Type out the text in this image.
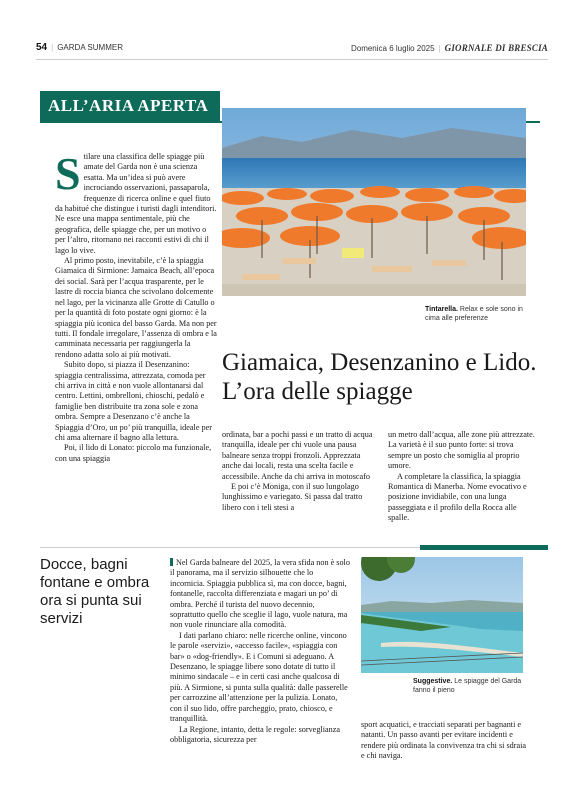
54 | GARDA SUMMER	Domenica 6 luglio 2025 | GIORNALE DI BRESCIA
ALL’ARIA APERTA
Tintarella. Relax e sole sono in cima alle preferenze
S tilare una classifica delle spiagge più amate del Garda non è una scienza esatta. Ma un’idea si può avere incrociando osservazioni, passaparola, frequenze di ricerca online e quel fiuto da habitué che distingue i turisti dagli intenditori. Ne esce una mappa sentimentale, più che geografica, delle spiagge che, per un motivo o per l’altro, ritornano nei racconti estivi di chi il lago lo vive.

Al primo posto, inevitabile, c’è la spiaggia Giamaica di Sirmione: Jamaica Beach, all’epoca dei social. Sarà per l’acqua trasparente, per le lastre di roccia bianca che scivolano dolcemente nel lago, per la vicinanza alle Grotte di Catullo o per la quantità di foto postate ogni giorno: è la spiaggia più iconica del basso Garda. Ma non per tutti. Il fondale irregolare, l’assenza di ombra e la camminata necessaria per raggiungerla la rendono adatta solo ai più motivati.

Subito dopo, si piazza il Desenzanino: spiaggia centralissima, attrezzata, comoda per chi arriva in città e non vuole allontanarsi dal centro. Lettini, ombrelloni, chioschi, pedalò e famiglie ben distribuite tra zona sole e zona ombra. Sempre a Desenzano c’è anche la Spiaggia d’Oro, un po’ più tranquilla, ideale per chi ama alternare il bagno alla lettura.

Poi, il lido di Lonato: piccolo ma funzionale, con una spiaggia

Giamaica, Desenzanino e Lido. L’ora delle spiagge

ordinata, bar a pochi passi e un tratto di acqua tranquilla, ideale per chi vuole una pausa balneare senza troppi fronzoli. Apprezzata anche dai locali, resta una scelta facile e accessibile. Anche da chi arriva in motoscafo

E poi c’è Moniga, con il suo lungolago lunghissimo e variegato. Si passa dal tratto libero con i teli stesi a

un metro dall’acqua, alle zone più attrezzate. La varietà è il suo punto forte: si trova sempre un posto che somiglia al proprio umore.

A completare la classifica, la spiaggia Romantica di Manerba. Nome evocativo e posizione invidiabile, con una lunga passeggiata e il profilo della Rocca alle spalle.

Docce, bagni fontane e ombra ora si punta sui servizi

Nel Garda balneare del 2025, la vera sfida non è solo il panorama, ma il servizio silhouette che lo incornicia. Spiaggia pubblica sì, ma con docce, bagni, fontanelle, raccolta differenziata e magari un po’ di ombra. Perché il turista del nuovo decennio, soprattutto quello che sceglie il lago, vuole natura, ma non vuole rinunciare alla comodità.

I dati parlano chiaro: nelle ricerche online, vincono le parole «servizi», «accesso facile», «spiaggia con bar» o «dog-friendly». E i Comuni si adeguano. A Desenzano, le spiagge libere sono dotate di tutto il minimo sindacale – e in certi casi anche qualcosa di più. A Sirmione, si punta sulla qualità: dalle passerelle per carrozzine all’attenzione per la pulizia. Lonato, con il suo lido, offre parcheggio, prato, chiosco, e tranquillità.

La Regione, intanto, detta le regole: sorveglianza obbligatoria, sicurezza per

Suggestive. Le spiagge del Garda fanno il pieno

sport acquatici, e tracciati separati per bagnanti e natanti. Un passo avanti per evitare incidenti e rendere più ordinata la convivenza tra chi si sdraia e chi naviga.
